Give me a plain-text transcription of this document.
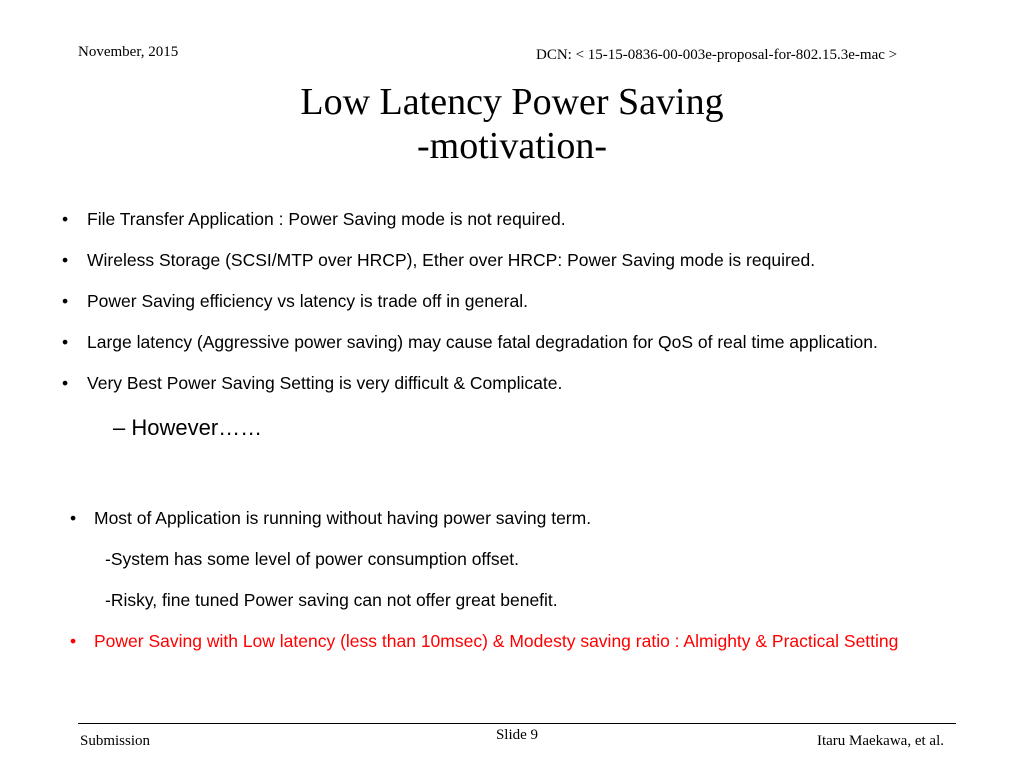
November, 2015	DCN: < 15-15-0836-00-003e-proposal-for-802.15.3e-mac >
Low Latency Power Saving
-motivation-
• File Transfer Application : Power Saving mode is not required.
• Wireless Storage (SCSI/MTP over HRCP), Ether over HRCP: Power Saving mode is required.
• Power Saving efficiency vs latency is trade off in general.
• Large latency (Aggressive power saving) may cause fatal degradation for QoS of real time application.
• Very Best Power Saving Setting is very difficult & Complicate.
– However……
• Most of Application is running without having power saving term.
-System has some level of power consumption offset.
-Risky, fine tuned Power saving can not offer great benefit.
• Power Saving with Low latency (less than 10msec) & Modesty saving ratio : Almighty & Practical Setting
Submission	Slide 9	Itaru Maekawa, et al.
